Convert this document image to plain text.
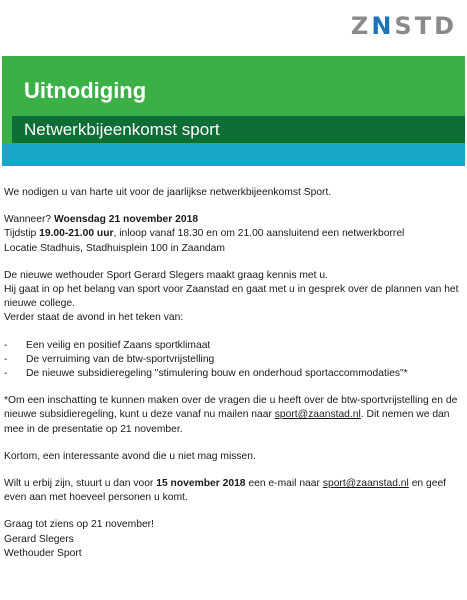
Z N STD
Uitnodiging
Netwerkbijeenkomst sport

We nodigen u van harte uit voor de jaarlijkse netwerkbijeenkomst Sport.

Wanneer? Woensdag 21 november 2018
Tijdstip 19.00-21.00 uur, inloop vanaf 18.30 en om 21.00 aansluitend een netwerkborrel
Locatie Stadhuis, Stadhuisplein 100 in Zaandam

De nieuwe wethouder Sport Gerard Slegers maakt graag kennis met u.
Hij gaat in op het belang van sport voor Zaanstad en gaat met u in gesprek over de plannen van het nieuwe college.
Verder staat de avond in het teken van:

- Een veilig en positief Zaans sportklimaat
- De verruiming van de btw-sportvrijstelling
- De nieuwe subsidieregeling "stimulering bouw en onderhoud sportaccommodaties"*

*Om een inschatting te kunnen maken over de vragen die u heeft over de btw-sportvrijstelling en de nieuwe subsidieregeling, kunt u deze vanaf nu mailen naar sport@zaanstad.nl. Dit nemen we dan mee in de presentatie op 21 november.

Kortom, een interessante avond die u niet mag missen.

Wilt u erbij zijn, stuurt u dan voor 15 november 2018 een e-mail naar sport@zaanstad.nl en geef even aan met hoeveel personen u komt.

Graag tot ziens op 21 november!
Gerard Slegers
Wethouder Sport
